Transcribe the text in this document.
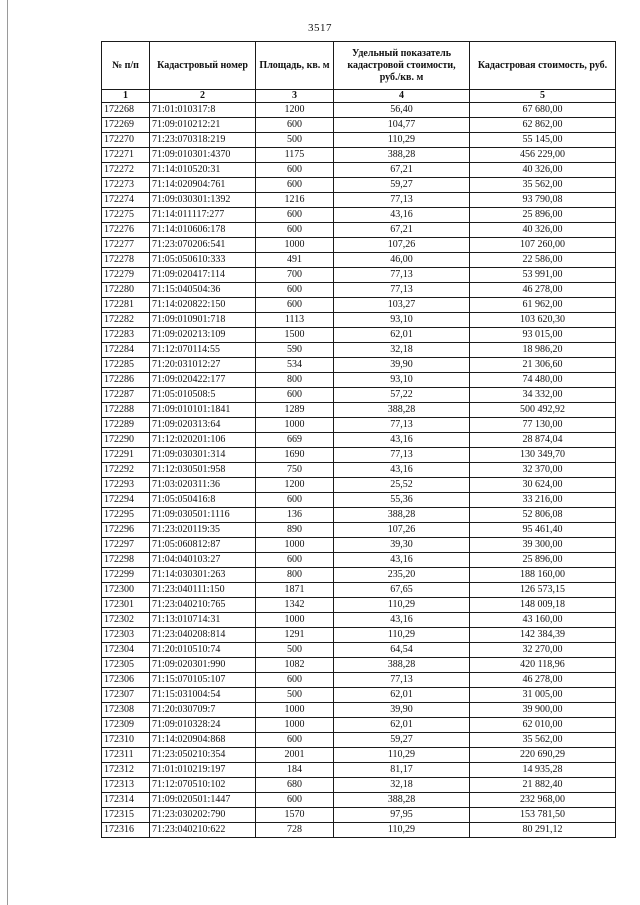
3517
№ п/п	Кадастровый номер	Площадь, кв. м	Удельный показатель кадастровой стоимости, руб./кв. м	Кадастровая стоимость, руб.
1	2	3	4	5
172268	71:01:010317:8	1200	56,40	67 680,00
172269	71:09:010212:21	600	104,77	62 862,00
172270	71:23:070318:219	500	110,29	55 145,00
172271	71:09:010301:4370	1175	388,28	456 229,00
172272	71:14:010520:31	600	67,21	40 326,00
172273	71:14:020904:761	600	59,27	35 562,00
172274	71:09:030301:1392	1216	77,13	93 790,08
172275	71:14:011117:277	600	43,16	25 896,00
172276	71:14:010606:178	600	67,21	40 326,00
172277	71:23:070206:541	1000	107,26	107 260,00
172278	71:05:050610:333	491	46,00	22 586,00
172279	71:09:020417:114	700	77,13	53 991,00
172280	71:15:040504:36	600	77,13	46 278,00
172281	71:14:020822:150	600	103,27	61 962,00
172282	71:09:010901:718	1113	93,10	103 620,30
172283	71:09:020213:109	1500	62,01	93 015,00
172284	71:12:070114:55	590	32,18	18 986,20
172285	71:20:031012:27	534	39,90	21 306,60
172286	71:09:020422:177	800	93,10	74 480,00
172287	71:05:010508:5	600	57,22	34 332,00
172288	71:09:010101:1841	1289	388,28	500 492,92
172289	71:09:020313:64	1000	77,13	77 130,00
172290	71:12:020201:106	669	43,16	28 874,04
172291	71:09:030301:314	1690	77,13	130 349,70
172292	71:12:030501:958	750	43,16	32 370,00
172293	71:03:020311:36	1200	25,52	30 624,00
172294	71:05:050416:8	600	55,36	33 216,00
172295	71:09:030501:1116	136	388,28	52 806,08
172296	71:23:020119:35	890	107,26	95 461,40
172297	71:05:060812:87	1000	39,30	39 300,00
172298	71:04:040103:27	600	43,16	25 896,00
172299	71:14:030301:263	800	235,20	188 160,00
172300	71:23:040111:150	1871	67,65	126 573,15
172301	71:23:040210:765	1342	110,29	148 009,18
172302	71:13:010714:31	1000	43,16	43 160,00
172303	71:23:040208:814	1291	110,29	142 384,39
172304	71:20:010510:74	500	64,54	32 270,00
172305	71:09:020301:990	1082	388,28	420 118,96
172306	71:15:070105:107	600	77,13	46 278,00
172307	71:15:031004:54	500	62,01	31 005,00
172308	71:20:030709:7	1000	39,90	39 900,00
172309	71:09:010328:24	1000	62,01	62 010,00
172310	71:14:020904:868	600	59,27	35 562,00
172311	71:23:050210:354	2001	110,29	220 690,29
172312	71:01:010219:197	184	81,17	14 935,28
172313	71:12:070510:102	680	32,18	21 882,40
172314	71:09:020501:1447	600	388,28	232 968,00
172315	71:23:030202:790	1570	97,95	153 781,50
172316	71:23:040210:622	728	110,29	80 291,12
